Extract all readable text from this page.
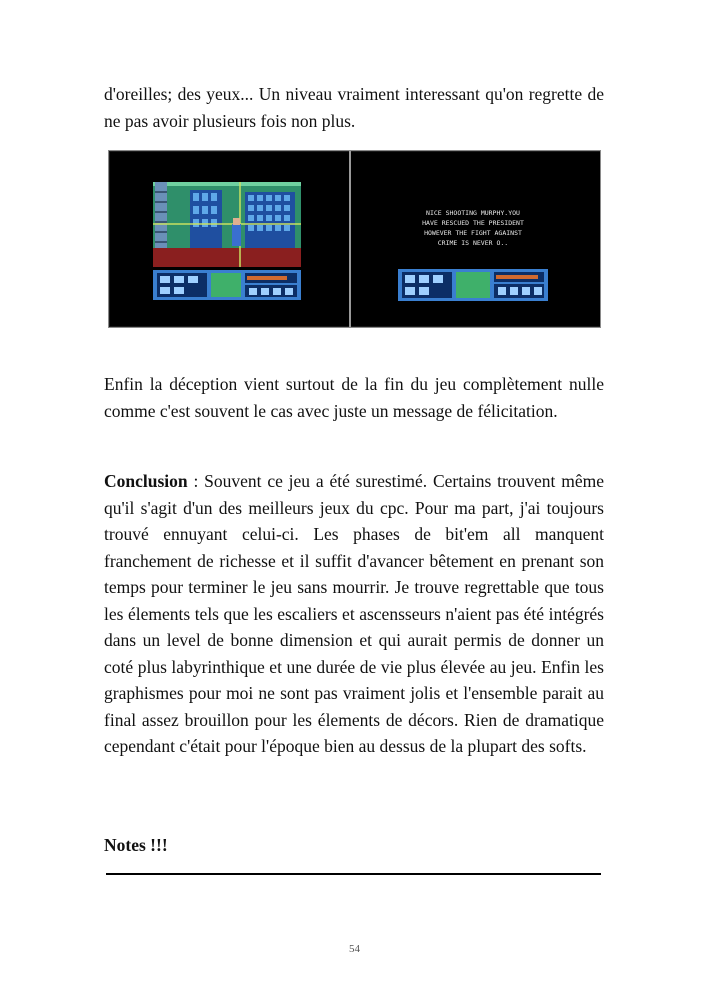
d'oreilles; des yeux... Un niveau vraiment interessant qu'on regrette de ne pas avoir plusieurs fois non plus.

NICE SHOOTING MURPHY.YOU
HAVE RESCUED THE PRESIDENT
HOWEVER THE FIGHT AGAINST
CRIME IS NEVER O..

Enfin la déception vient surtout de la fin du jeu complètement nulle comme c'est souvent le cas avec juste un message de félicitation.

Conclusion : Souvent ce jeu a été surestimé. Certains trouvent même qu'il s'agit d'un des meilleurs jeux du cpc. Pour ma part, j'ai toujours trouvé ennuyant celui-ci. Les phases de bit'em all manquent franchement de richesse et il suffit d'avancer bêtement en prenant son temps pour terminer le jeu sans mourrir. Je trouve regrettable que tous les élements tels que les escaliers et ascensseurs n'aient pas été intégrés dans un level de bonne dimension et qui aurait permis de donner un coté plus labyrinthique et une durée de vie plus élevée au jeu. Enfin les graphismes pour moi ne sont pas vraiment jolis et l'ensemble parait au final assez brouillon pour les élements de décors. Rien de dramatique cependant c'était pour l'époque bien au dessus de la plupart des softs.

Notes !!!

54
